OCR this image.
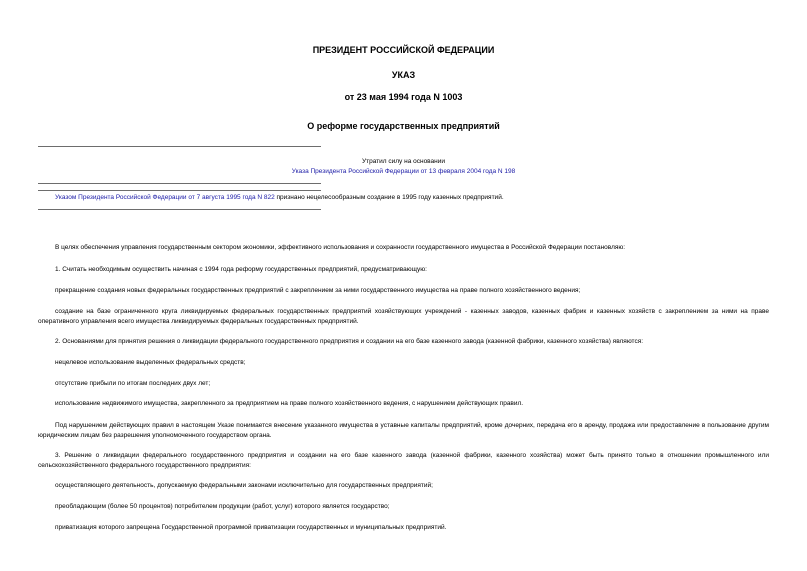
ПРЕЗИДЕНТ РОССИЙСКОЙ ФЕДЕРАЦИИ
УКАЗ
от 23 мая 1994 года N 1003
О реформе государственных предприятий
Утратил силу на основании
Указа Президента Российской Федерации от 13 февраля 2004 года N 198
Указом Президента Российской Федерации от 7 августа 1995 года N 822 признано нецелесообразным создание в 1995 году казенных предприятий.
В целях обеспечения управления государственным сектором экономики, эффективного использования и сохранности государственного имущества в Российской Федерации постановляю:
1. Считать необходимым осуществить начиная с 1994 года реформу государственных предприятий, предусматривающую:
прекращение создания новых федеральных государственных предприятий с закреплением за ними государственного имущества на праве полного хозяйственного ведения;
создание на базе ограниченного круга ликвидируемых федеральных государственных предприятий хозяйствующих учреждений - казенных заводов, казенных фабрик и казенных хозяйств с закреплением за ними на праве оперативного управления всего имущества ликвидируемых федеральных государственных предприятий.
2. Основаниями для принятия решения о ликвидации федерального государственного предприятия и создании на его базе казенного завода (казенной фабрики, казенного хозяйства) являются:
нецелевое использование выделенных федеральных средств;
отсутствие прибыли по итогам последних двух лет;
использование недвижимого имущества, закрепленного за предприятием на праве полного хозяйственного ведения, с нарушением действующих правил.
Под нарушением действующих правил в настоящем Указе понимается внесение указанного имущества в уставные капиталы предприятий, кроме дочерних, передача его в аренду, продажа или предоставление в пользование другим юридическим лицам без разрешения уполномоченного государством органа.
3. Решение о ликвидации федерального государственного предприятия и создании на его базе казенного завода (казенной фабрики, казенного хозяйства) может быть принято только в отношении промышленного или сельскохозяйственного федерального государственного предприятия:
осуществляющего деятельность, допускаемую федеральными законами исключительно для государственных предприятий;
преобладающим (более 50 процентов) потребителем продукции (работ, услуг) которого является государство;
приватизация которого запрещена Государственной программой приватизации государственных и муниципальных предприятий.
